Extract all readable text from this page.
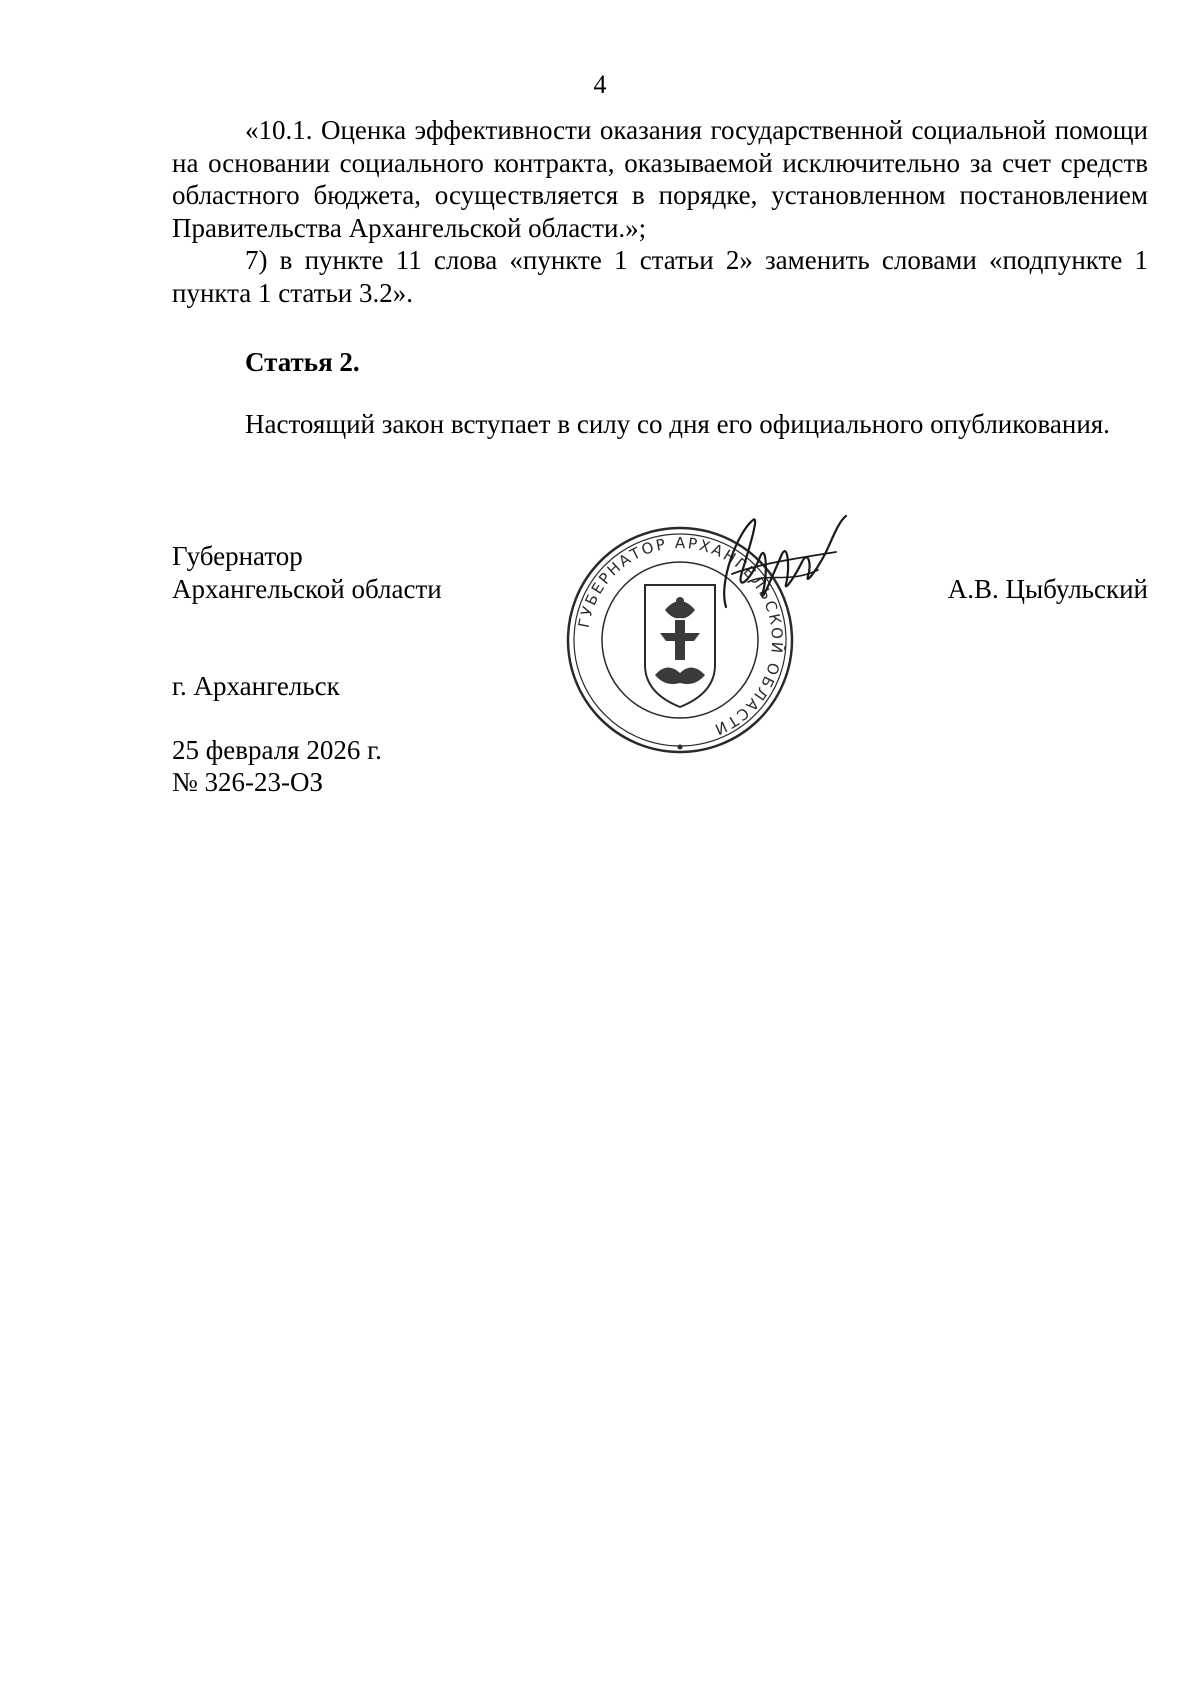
4

«10.1. Оценка эффективности оказания государственной социальной помощи на основании социального контракта, оказываемой исключительно за счет средств областного бюджета, осуществляется в порядке, установленном постановлением Правительства Архангельской области.»;

7) в пункте 11 слова «пункте 1 статьи 2» заменить словами «подпункте 1 пункта 1 статьи 3.2».

Статья 2.

Настоящий закон вступает в силу со дня его официального опубликования.

Губернатор
Архангельской области	А.В. Цыбульский
г. Архангельск
25 февраля 2026 г.
№ 326-23-ОЗ
ГУБЕРНАТОР АРХАНГЕЛЬСКОЙ ОБЛАСТИ
